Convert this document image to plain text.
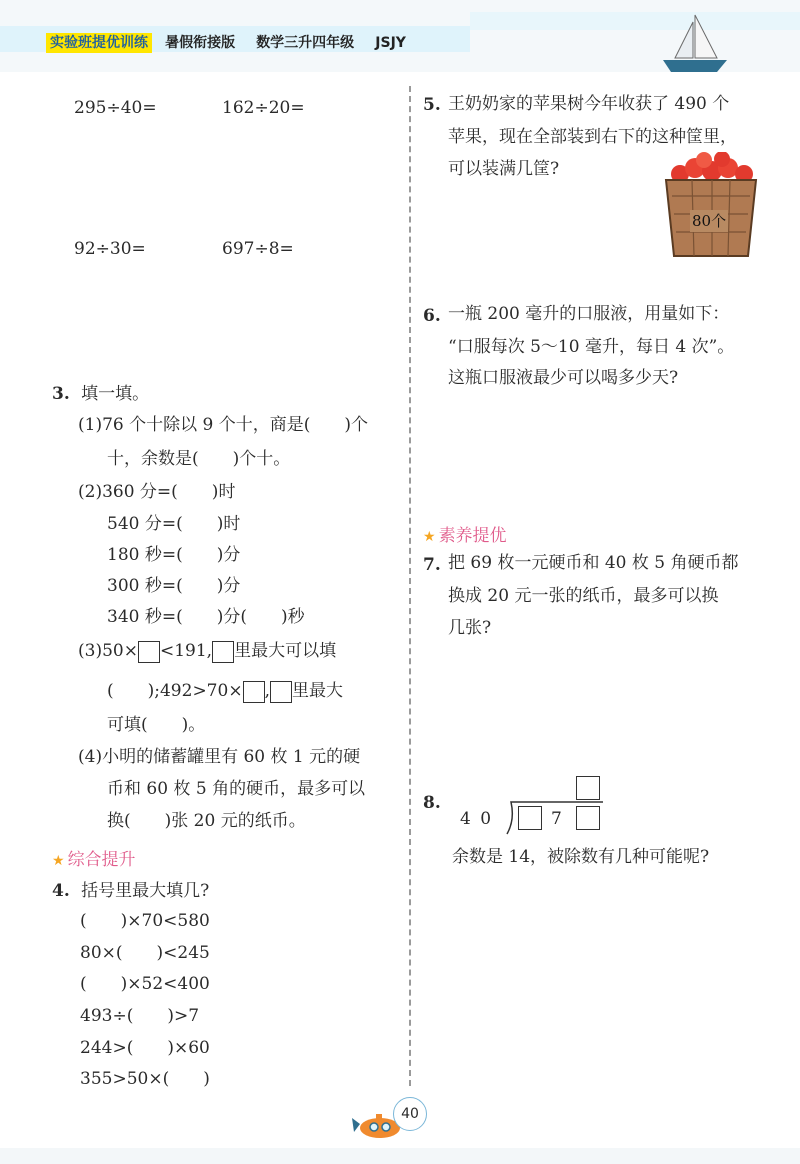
实验班提优训练 暑假衔接版 数学三升四年级 JSJY
295÷40=	162÷20=
92÷30=	697÷8=
3. 填一填。
(1)76 个十除以 9 个十，商是(　　)个
十，余数是(　　)个十。
(2)360 分=(　　)时
540 分=(　　)时
180 秒=(　　)分
300 秒=(　　)分
340 秒=(　　)分(　　)秒
(3)50× <191, 里最大可以填
(　　);492>70× , 里最大
可填(　　)。
(4)小明的储蓄罐里有 60 枚 1 元的硬
币和 60 枚 5 角的硬币，最多可以
换(　　)张 20 元的纸币。
★ 综合提升
4. 括号里最大填几?
(　　)×70<580
80×(　　)<245
(　　)×52<400
493÷(　　)>7
244>(　　)×60
355>50×(　　)
5. 王奶奶家的苹果树今年收获了 490 个
苹果，现在全部装到右下的这种筐里，
可以装满几筐?
80个
6. 一瓶 200 毫升的口服液，用量如下：
“口服每次 5～10 毫升，每日 4 次”。
这瓶口服液最少可以喝多少天?
★ 素养提优
7. 把 69 枚一元硬币和 40 枚 5 角硬币都
换成 20 元一张的纸币，最多可以换
几张?
8.
4 0	7
余数是 14，被除数有几种可能呢?
40
